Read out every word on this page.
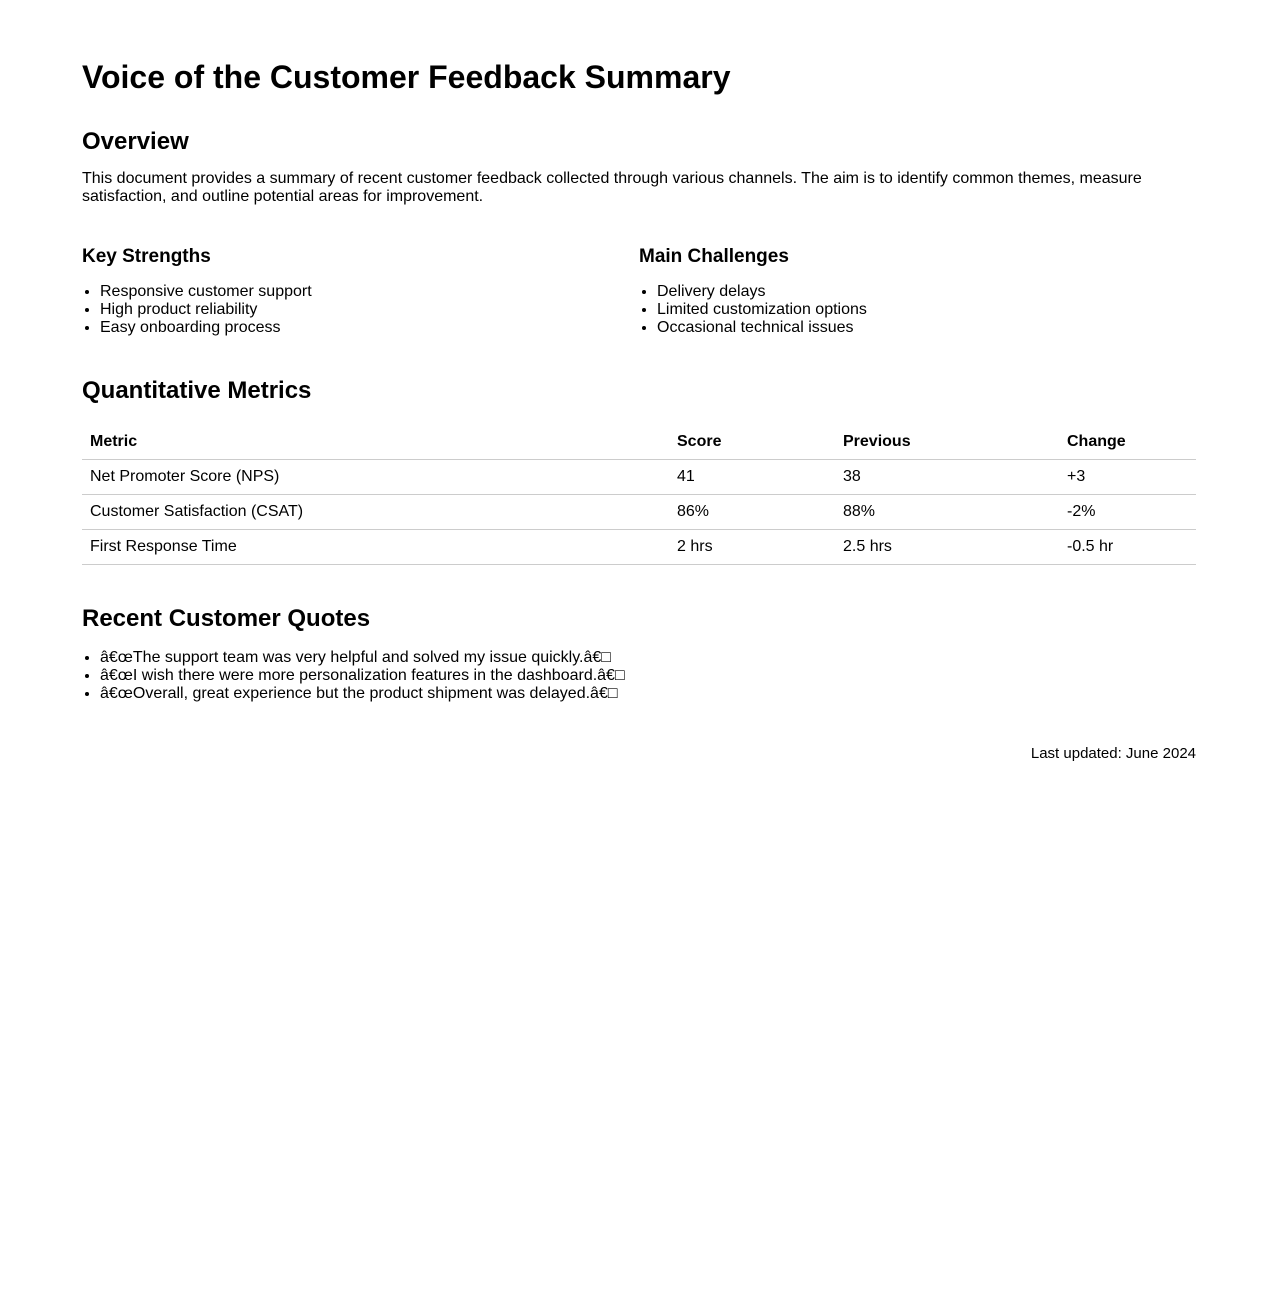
Voice of the Customer Feedback Summary
Overview

This document provides a summary of recent customer feedback collected through various channels. The aim is to identify common themes, measure satisfaction, and outline potential areas for improvement.

Key Strengths
• Responsive customer support
• High product reliability
• Easy onboarding process
Main Challenges
• Delivery delays
• Limited customization options
• Occasional technical issues
Quantitative Metrics
Metric	Score	Previous	Change
Net Promoter Score (NPS)	41	38	+3
Customer Satisfaction (CSAT)	86%	88%	-2%
First Response Time	2 hrs	2.5 hrs	-0.5 hr
Recent Customer Quotes
• â€œThe support team was very helpful and solved my issue quickly.â€□
• â€œI wish there were more personalization features in the dashboard.â€□
• â€œOverall, great experience but the product shipment was delayed.â€□
Last updated: June 2024
